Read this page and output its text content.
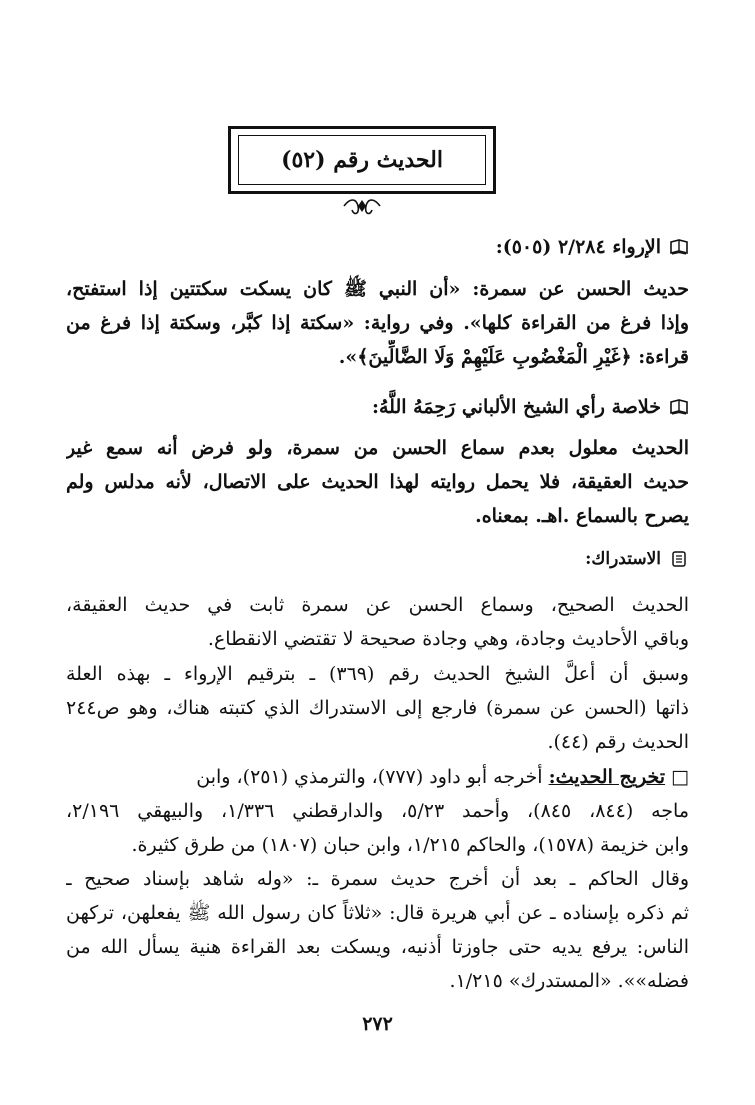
الحديث رقم (٥٢)
الإرواء ٢/٢٨٤ (٥٠٥):
حديث الحسن عن سمرة: «أن النبي ﷺ كان يسكت سكتتين إذا استفتح،
وإذا فرغ من القراءة كلها». وفي رواية: «سكتة إذا كبَّر، وسكتة إذا فرغ من
قراءة: ﴿غَيْرِ الْمَغْضُوبِ عَلَيْهِمْ وَلَا الضَّالِّينَ﴾».
خلاصة رأي الشيخ الألباني رَحِمَهُ اللَّهُ:
الحديث معلول بعدم سماع الحسن من سمرة، ولو فرض أنه سمع غير
حديث العقيقة، فلا يحمل روايته لهذا الحديث على الاتصال، لأنه مدلس ولم
يصرح بالسماع .اهـ. بمعناه.
الاستدراك:
الحديث الصحيح، وسماع الحسن عن سمرة ثابت في حديث العقيقة،
وباقي الأحاديث وجادة، وهي وجادة صحيحة لا تقتضي الانقطاع.
وسبق أن أعلَّ الشيخ الحديث رقم (٣٦٩) ـ بترقيم الإرواء ـ بهذه العلة
ذاتها (الحسن عن سمرة) فارجع إلى الاستدراك الذي كتبته هناك، وهو ص٢٤٤
الحديث رقم (٤٤).
□
تخريج الحديث:
أخرجه أبو داود (٧٧٧)، والترمذي (٢٥١)، وابن
ماجه (٨٤٤، ٨٤٥)، وأحمد ٥/٢٣، والدارقطني ١/٣٣٦، والبيهقي ٢/١٩٦،
وابن خزيمة (١٥٧٨)، والحاكم ١/٢١٥، وابن حبان (١٨٠٧) من طرق كثيرة.
وقال الحاكم ـ بعد أن أخرج حديث سمرة ـ: «وله شاهد بإسناد صحيح ـ
ثم ذكره بإسناده ـ عن أبي هريرة قال: «ثلاثاً كان رسول الله ﷺ يفعلهن، تركهن
الناس: يرفع يديه حتى جاوزتا أذنيه، ويسكت بعد القراءة هنية يسأل الله من
فضله»». «المستدرك» ١/٢١٥.
٢٧٢
